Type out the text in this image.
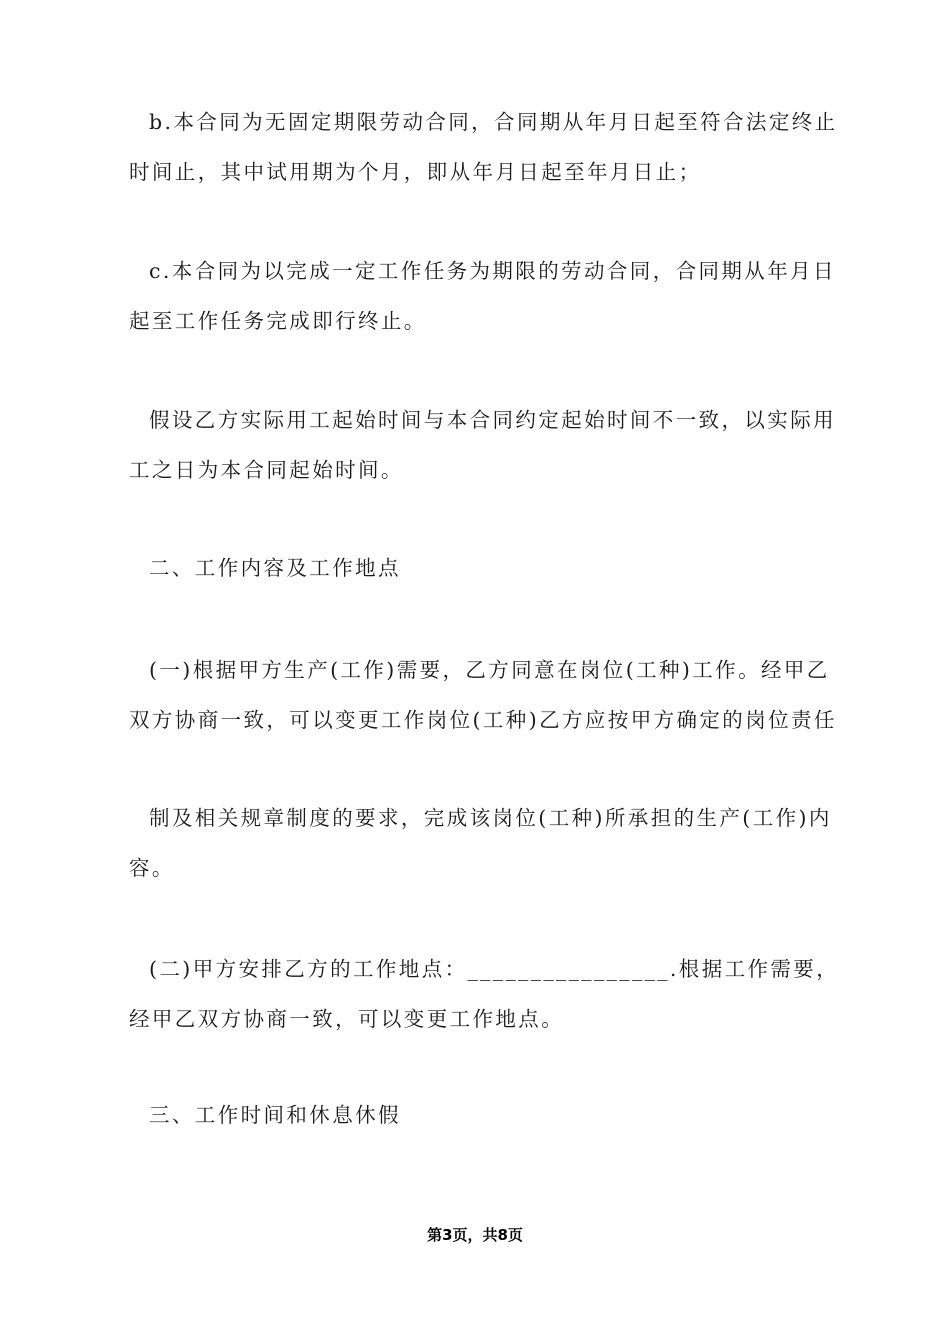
b.本合同为无固定期限劳动合同，合同期从年月日起至符合法定终止
时间止，其中试用期为个月，即从年月日起至年月日止；
c.本合同为以完成一定工作任务为期限的劳动合同，合同期从年月日
起至工作任务完成即行终止。
假设乙方实际用工起始时间与本合同约定起始时间不一致，以实际用
工之日为本合同起始时间。
二、工作内容及工作地点
(一)根据甲方生产(工作)需要，乙方同意在岗位(工种)工作。经甲乙
双方协商一致，可以变更工作岗位(工种)乙方应按甲方确定的岗位责任
制及相关规章制度的要求，完成该岗位(工种)所承担的生产(工作)内
容。
(二)甲方安排乙方的工作地点：________________.根据工作需要，
经甲乙双方协商一致，可以变更工作地点。
三、工作时间和休息休假
第3页，共8页
